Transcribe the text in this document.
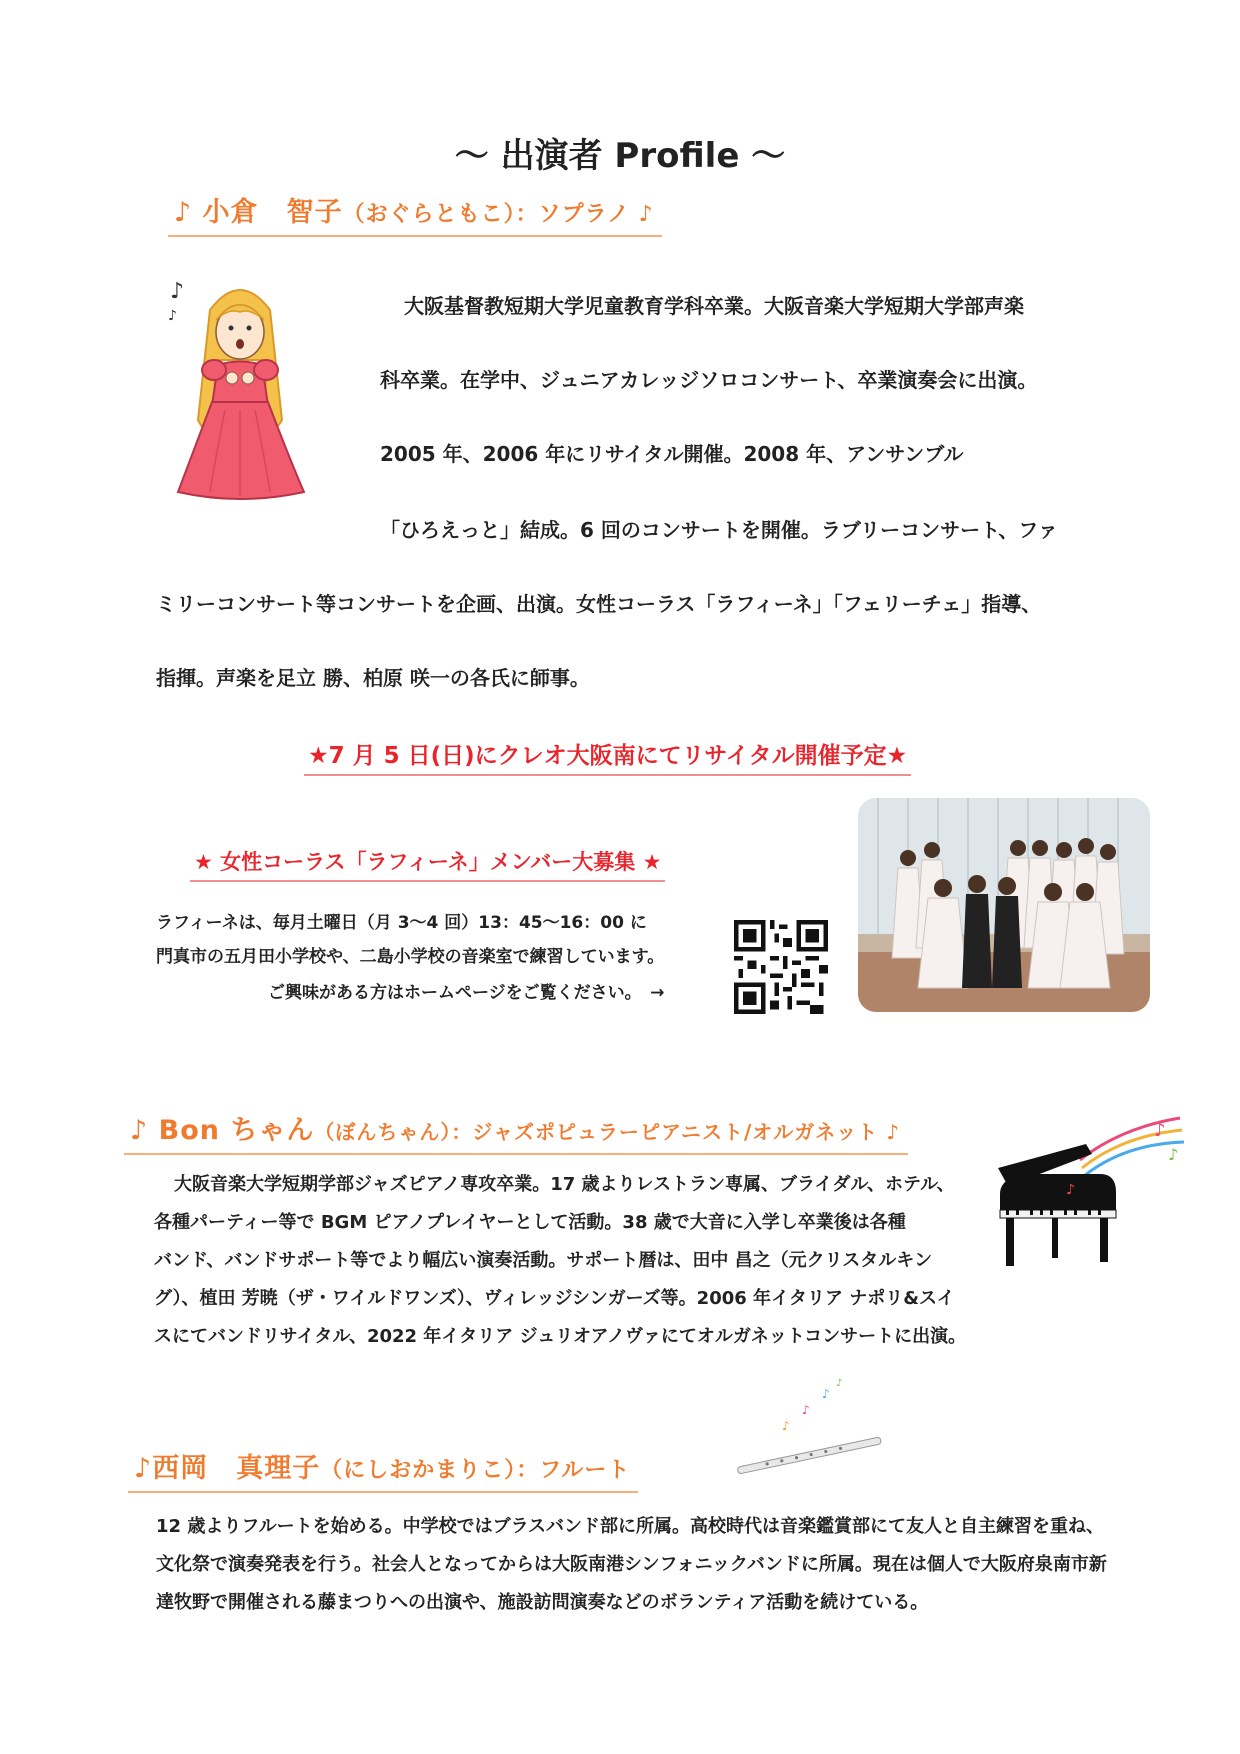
〜 出演者 Profile 〜
♪ 小倉　智子（おぐらともこ）：ソプラノ ♪
♪
♪	大阪基督教短期大学児童教育学科卒業。大阪音楽大学短期大学部声楽
科卒業。在学中、ジュニアカレッジソロコンサート、卒業演奏会に出演。
2005 年、2006 年にリサイタル開催。2008 年、アンサンブル
「ひろえっと」結成。6 回のコンサートを開催。ラブリーコンサート、ファ
ミリーコンサート等コンサートを企画、出演。女性コーラス「ラフィーネ」「フェリーチェ」指導、
指揮。声楽を足立 勝、柏原 咲一の各氏に師事。
★7 月 5 日(日)にクレオ大阪南にてリサイタル開催予定★
★ 女性コーラス「ラフィーネ」メンバー大募集 ★
ラフィーネは、毎月土曜日（月 3〜4 回）13：45〜16：00 に
門真市の五月田小学校や、二島小学校の音楽室で練習しています。
ご興味がある方はホームページをご覧ください。　→
♪ Bon ちゃん（ぼんちゃん）：ジャズポピュラーピアニスト/オルガネット ♪	♪
♪
♪
大阪音楽大学短期学部ジャズピアノ専攻卒業。17 歳よりレストラン専属、ブライダル、ホテル、
各種パーティー等で BGM ピアノプレイヤーとして活動。38 歳で大音に入学し卒業後は各種
バンド、バンドサポート等でより幅広い演奏活動。サポート暦は、田中 昌之（元クリスタルキン
グ）、植田 芳暁（ザ・ワイルドワンズ）、ヴィレッジシンガーズ等。2006 年イタリア ナポリ&スイ
スにてバンドリサイタル、2022 年イタリア ジュリオアノヴァにてオルガネットコンサートに出演。
♪
♪
♪
♪
♪西岡　真理子（にしおかまりこ）：フルート
12 歳よりフルートを始める。中学校ではブラスバンド部に所属。高校時代は音楽鑑賞部にて友人と自主練習を重ね、
文化祭で演奏発表を行う。社会人となってからは大阪南港シンフォニックバンドに所属。現在は個人で大阪府泉南市新
達牧野で開催される藤まつりへの出演や、施設訪問演奏などのボランティア活動を続けている。
